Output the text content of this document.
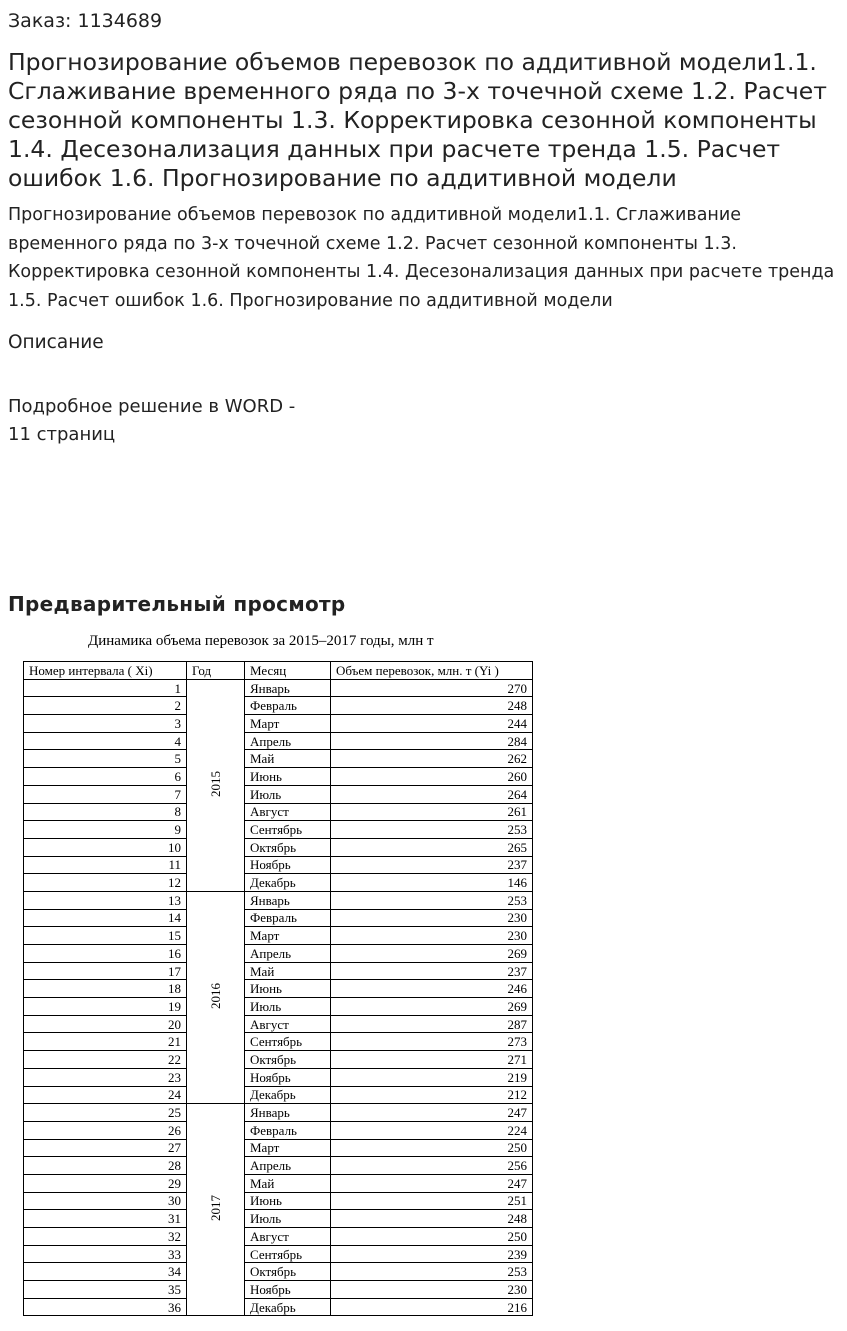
Заказ: 1134689
Прогнозирование объемов перевозок по аддитивной модели1.1. Сглаживание временного ряда по 3-х точечной схеме 1.2. Расчет сезонной компоненты 1.3. Корректировка сезонной компоненты 1.4. Десезонализация данных при расчете тренда 1.5. Расчет ошибок 1.6. Прогнозирование по аддитивной модели

Прогнозирование объемов перевозок по аддитивной модели1.1. Сглаживание временного ряда по 3-х точечной схеме 1.2. Расчет сезонной компоненты 1.3. Корректировка сезонной компоненты 1.4. Десезонализация данных при расчете тренда 1.5. Расчет ошибок 1.6. Прогнозирование по аддитивной модели

Описание
Подробное решение в WORD - 11 страниц
Предварительный просмотр
Динамика объема перевозок за 2015–2017 годы, млн т
Номер интервала ( Хi)	Год	Месяц	Объем перевозок, млн. т (Yi )
1	2015	Январь	270
2		Февраль	248
3		Март	244
4		Апрель	284
5		Май	262
6		Июнь	260
7		Июль	264
8		Август	261
9		Сентябрь	253
10		Октябрь	265
11		Ноябрь	237
12		Декабрь	146
13	2016	Январь	253
14		Февраль	230
15		Март	230
16		Апрель	269
17		Май	237
18		Июнь	246
19		Июль	269
20		Август	287
21		Сентябрь	273
22		Октябрь	271
23		Ноябрь	219
24		Декабрь	212
25	2017	Январь	247
26		Февраль	224
27		Март	250
28		Апрель	256
29		Май	247
30		Июнь	251
31		Июль	248
32		Август	250
33		Сентябрь	239
34		Октябрь	253
35		Ноябрь	230
36		Декабрь	216
